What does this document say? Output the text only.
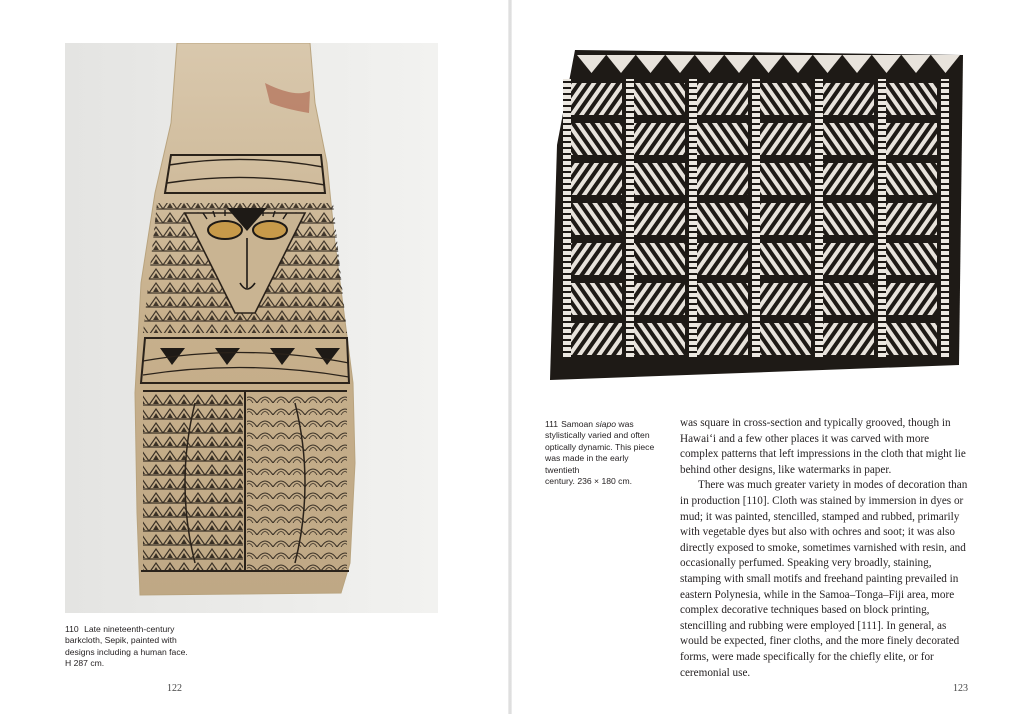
110 Late nineteenth-century
barkcloth, Sepik, painted with
designs including a human face.
H 287 cm.
122
111 Samoan siapo was
stylistically varied and often
optically dynamic. This piece
was made in the early twentieth
century. 236 × 180 cm.

was square in cross-section and typically grooved, though in Hawai‘i and a few other places it was carved with more complex patterns that left impressions in the cloth that might lie behind other designs, like watermarks in paper.

There was much greater variety in modes of decoration than in production [110]. Cloth was stained by immersion in dyes or mud; it was painted, stencilled, stamped and rubbed, primarily with vegetable dyes but also with ochres and soot; it was also directly exposed to smoke, sometimes varnished with resin, and occasionally perfumed. Speaking very broadly, staining, stamping with small motifs and freehand painting prevailed in eastern Polynesia, while in the Samoa–Tonga–Fiji area, more complex decorative techniques based on block printing, stencilling and rubbing were employed [111]. In general, as would be expected, finer cloths, and the more finely decorated forms, were made specifically for the chiefly elite, or for ceremonial use.

123
